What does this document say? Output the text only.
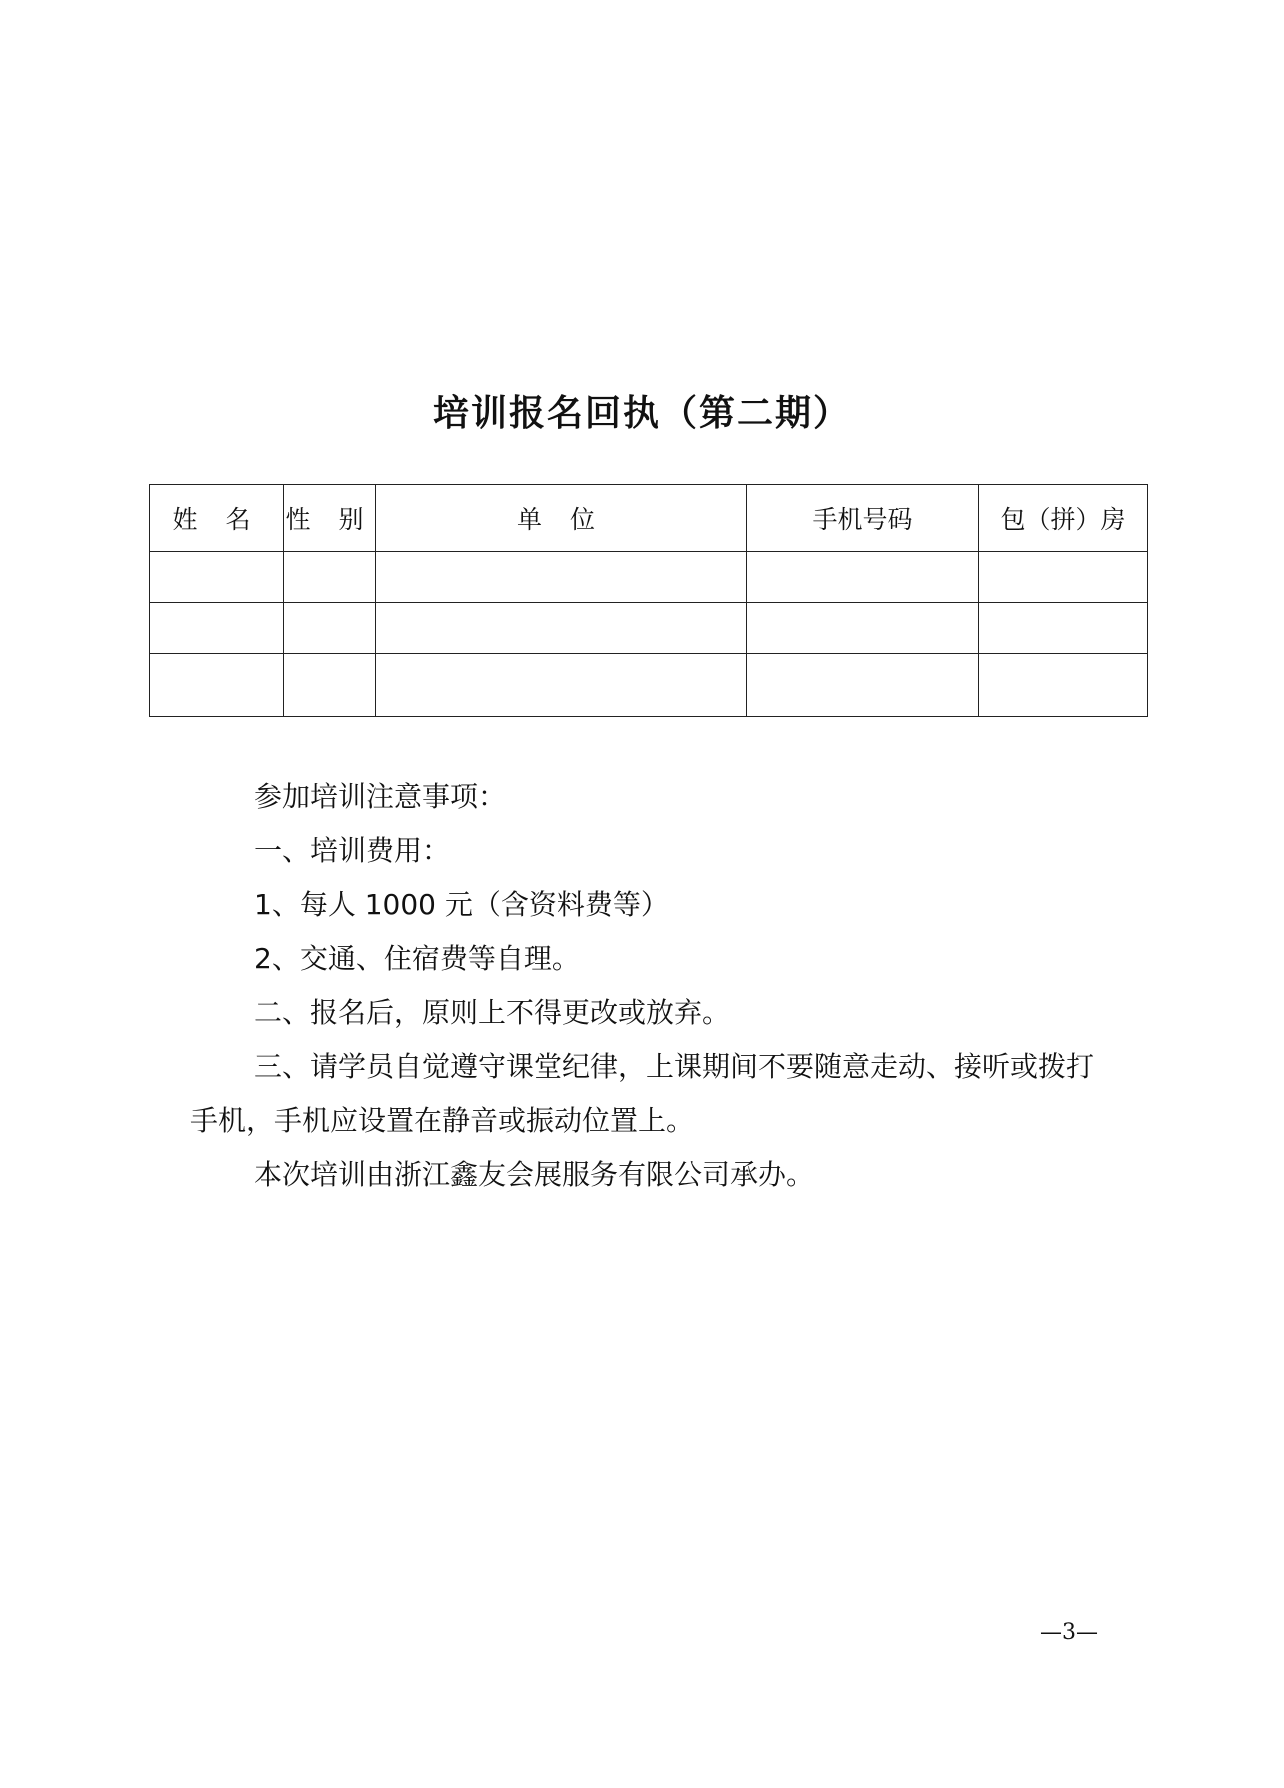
培训报名回执（第二期）
姓 名	性 别	单 位	手机号码	包（拼）房

参加培训注意事项：

一、培训费用：

1、每人 1000 元（含资料费等）

2、交通、住宿费等自理。

二、报名后，原则上不得更改或放弃。

三、请学员自觉遵守课堂纪律，上课期间不要随意走动、接听或拨打手机，手机应设置在静音或振动位置上。

本次培训由浙江鑫友会展服务有限公司承办。

—3—
